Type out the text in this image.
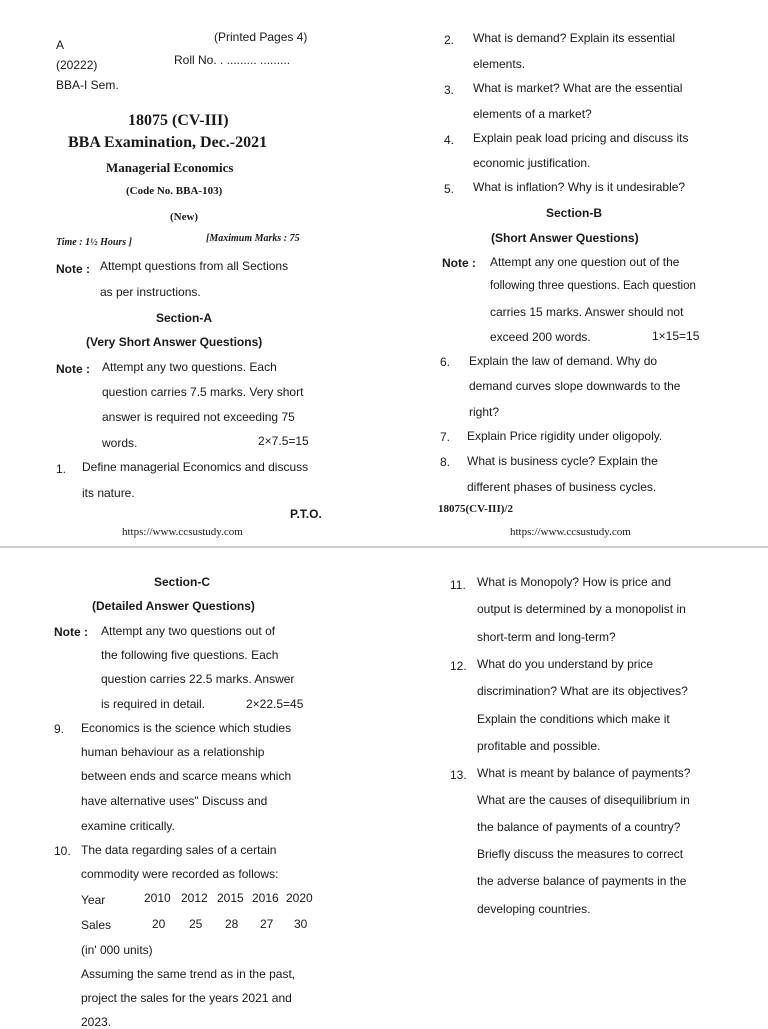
A
(Printed Pages 4)
(20222)	Roll No. . ......... .........
BBA-I Sem.
18075 (CV-III)
BBA Examination, Dec.-2021
Managerial Economics
(Code No. BBA-103)
(New)
Time : 1½ Hours ]	[Maximum Marks : 75
Note : Attempt questions from all Sections
as per instructions.
Section-A
(Very Short Answer Questions)
Note : Attempt any two questions. Each
question carries 7.5 marks. Very short
answer is required not exceeding 75
words.	2×7.5=15
1. Define managerial Economics and discuss
its nature.
P.T.O.
2. What is demand? Explain its essential
elements.
3. What is market? What are the essential
elements of a market?
4. Explain peak load pricing and discuss its
economic justification.
5. What is inflation? Why is it undesirable?
Section-B
(Short Answer Questions)
Note : Attempt any one question out of the
following three questions. Each question
carries 15 marks. Answer should not
exceed 200 words.	1×15=15
6. Explain the law of demand. Why do
demand curves slope downwards to the
right?
7. Explain Price rigidity under oligopoly.
8. What is business cycle? Explain the
different phases of business cycles.
18075(CV-III)/2
https://www.ccsustudy.com	https://www.ccsustudy.com
Section-C
(Detailed Answer Questions)
Note : Attempt any two questions out of
the following five questions. Each
question carries 22.5 marks. Answer
is required in detail.	2×22.5=45
9. Economics is the science which studies
human behaviour as a relationship
between ends and scarce means which
have alternative uses" Discuss and
examine critically.
10. The data regarding sales of a certain
commodity were recorded as follows:
Year	2010 2012 2015 2016 2020
Sales	20 25 28 27 30
(in' 000 units)
Assuming the same trend as in the past,
project the sales for the years 2021 and
2023.
11. What is Monopoly? How is price and
output is determined by a monopolist in
short-term and long-term?
12. What do you understand by price
discrimination? What are its objectives?
Explain the conditions which make it
profitable and possible.
13. What is meant by balance of payments?
What are the causes of disequilibrium in
the balance of payments of a country?
Briefly discuss the measures to correct
the adverse balance of payments in the
developing countries.
